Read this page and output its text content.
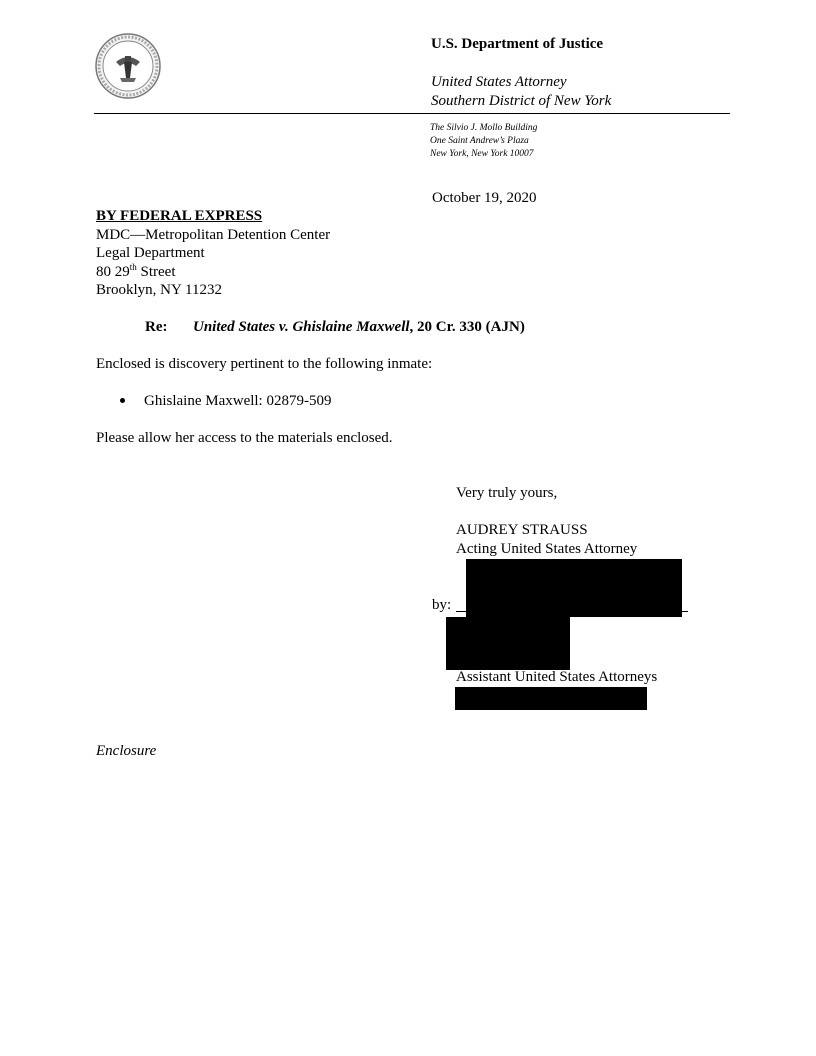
U.S. Department of Justice
United States Attorney
Southern District of New York
The Silvio J. Mollo Building
One Saint Andrew’s Plaza
New York, New York 10007
October 19, 2020
BY FEDERAL EXPRESS
MDC—Metropolitan Detention Center
Legal Department
80 29th Street
Brooklyn, NY 11232
Re: United States v. Ghislaine Maxwell, 20 Cr. 330 (AJN)
Enclosed is discovery pertinent to the following inmate:
Ghislaine Maxwell: 02879-509
Please allow her access to the materials enclosed.
Very truly yours,
AUDREY STRAUSS
Acting United States Attorney
by:
Assistant United States Attorneys
Enclosure
